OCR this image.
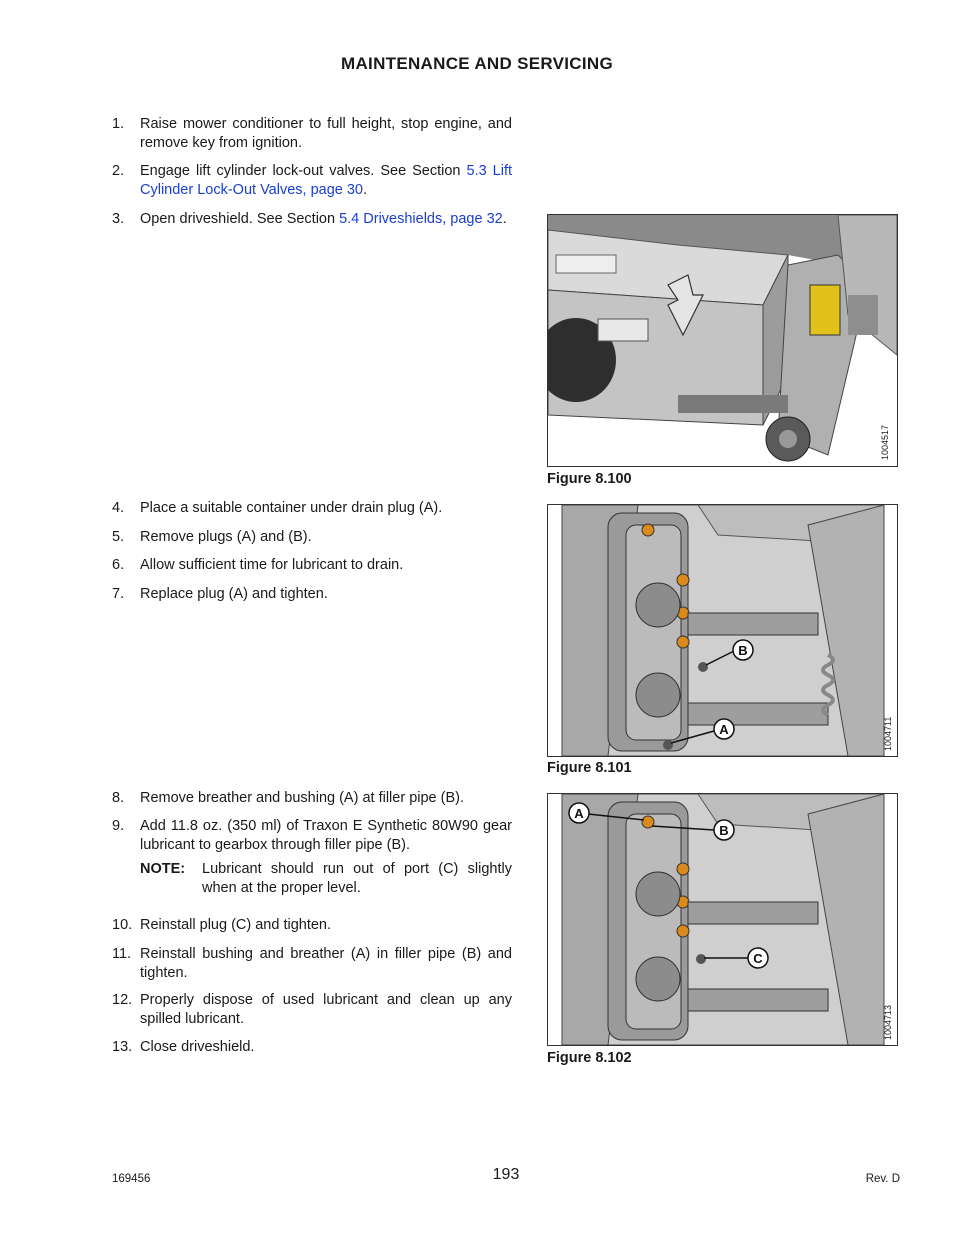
MAINTENANCE AND SERVICING
1.	Raise mower conditioner to full height, stop engine, and remove key from ignition.
2.	Engage lift cylinder lock-out valves. See Section 5.3 Lift Cylinder Lock-Out Valves, page 30.
3.	Open driveshield. See Section 5.4 Driveshields, page 32.
1004517
Figure 8.100
4.	Place a suitable container under drain plug (A).
5.	Remove plugs (A) and (B).
6.	Allow sufficient time for lubricant to drain.
7.	Replace plug (A) and tighten.
B
A	1004711
Figure 8.101
8.	Remove breather and bushing (A) at filler pipe (B).
9.	Add 11.8 oz. (350 ml) of Traxon E Synthetic 80W90 gear lubricant to gearbox through filler pipe (B).
NOTE: Lubricant should run out of port (C) slightly when at the proper level.
10. Reinstall plug (C) and tighten.
11. Reinstall bushing and breather (A) in filler pipe (B) and tighten.
12. Properly dispose of used lubricant and clean up any spilled lubricant.
13. Close driveshield.
A
B
C
1004713
Figure 8.102
169456	193	Rev. D
